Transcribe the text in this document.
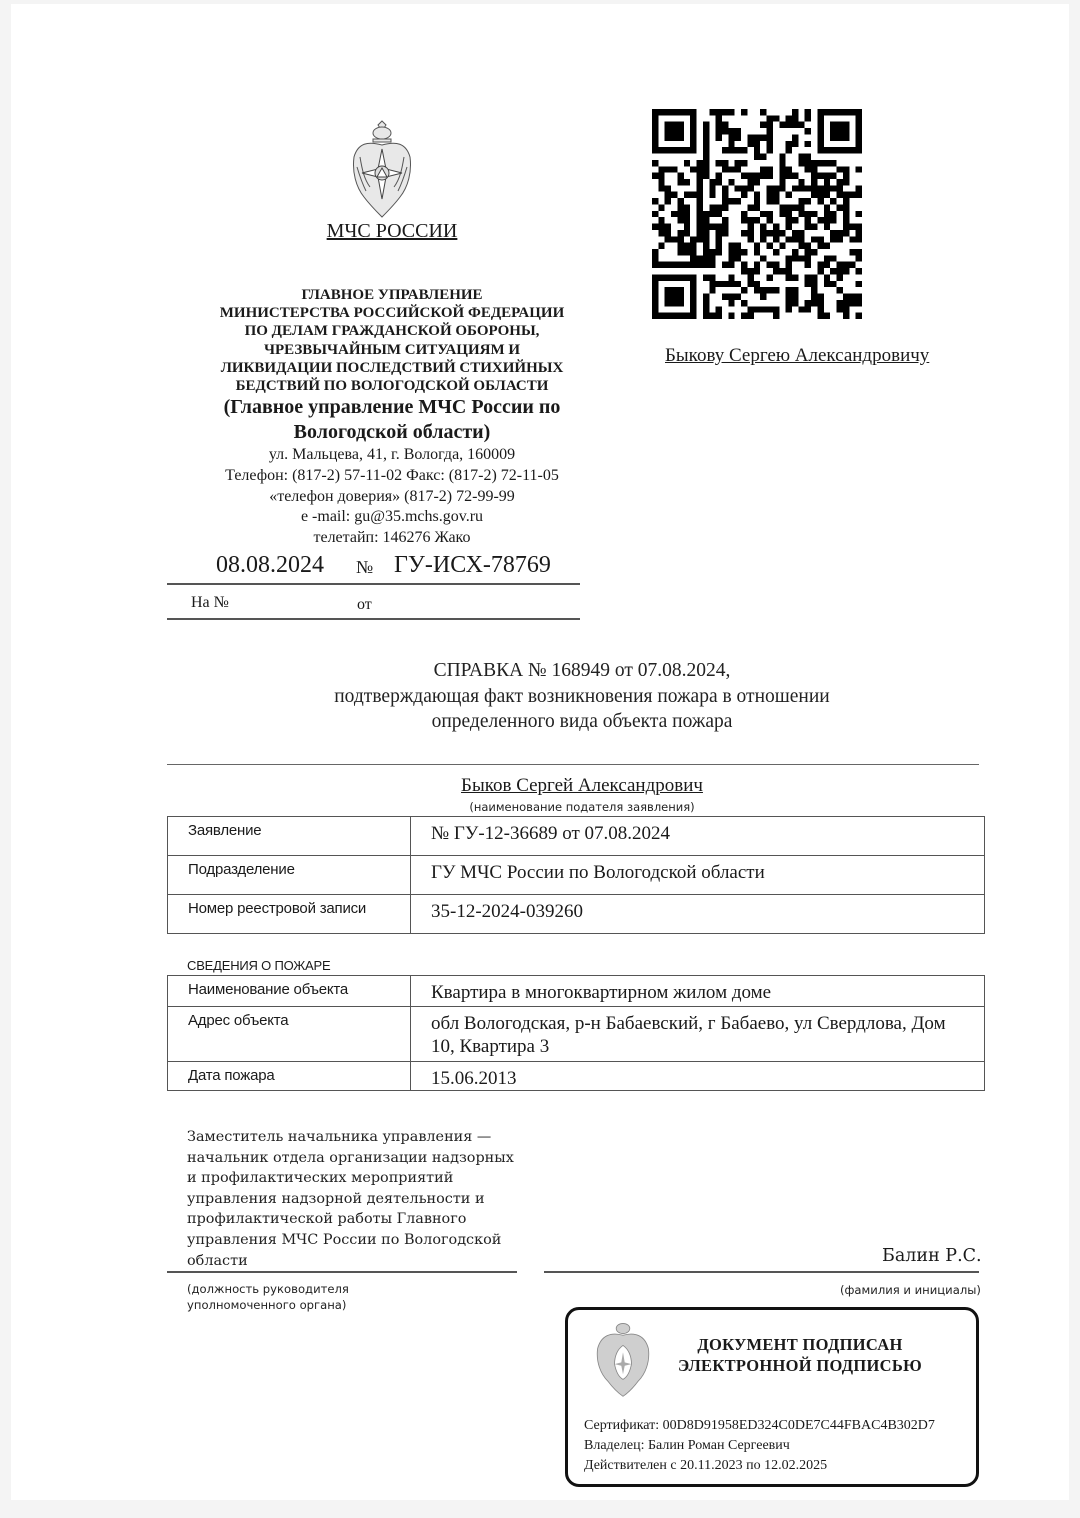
МЧС РОССИИ
ГЛАВНОЕ УПРАВЛЕНИЕ
МИНИСТЕРСТВА РОССИЙСКОЙ ФЕДЕРАЦИИ
ПО ДЕЛАМ ГРАЖДАНСКОЙ ОБОРОНЫ,
ЧРЕЗВЫЧАЙНЫМ СИТУАЦИЯМ И
ЛИКВИДАЦИИ ПОСЛЕДСТВИЙ СТИХИЙНЫХ
БЕДСТВИЙ ПО ВОЛОГОДСКОЙ ОБЛАСТИ
(Главное управление МЧС России по
Вологодской области)
ул. Мальцева, 41, г. Вологда, 160009
Телефон: (817-2) 57-11-02 Факс: (817-2) 72-11-05
«телефон доверия» (817-2) 72-99-99
e -mail: gu@35.mchs.gov.ru
телетайп: 146276 Жако
08.08.2024 № ГУ-ИСХ-78769
На №	от
Быкову Сергею Александровичу
СПРАВКА № 168949 от 07.08.2024,
подтверждающая факт возникновения пожара в отношении
определенного вида объекта пожара
Быков Сергей Александрович
(наименование подателя заявления)
Заявление	№ ГУ-12-36689 от 07.08.2024
Подразделение	ГУ МЧС России по Вологодской области
Номер реестровой записи	35-12-2024-039260
СВЕДЕНИЯ О ПОЖАРЕ
Наименование объекта	Квартира в многоквартирном жилом доме
Адрес объекта	обл Вологодская, р-н Бабаевский, г Бабаево, ул Свердлова, Дом 10, Квартира 3
Дата пожара	15.06.2013
Заместитель начальника управления —
начальник отдела организации надзорных
и профилактических мероприятий
управления надзорной деятельности и
профилактической работы Главного
управления МЧС России по Вологодской
области	Балин Р.С.
(должность руководителя
уполномоченного органа)
(фамилия и инициалы)
ДОКУМЕНТ ПОДПИСАН
ЭЛЕКТРОННОЙ ПОДПИСЬЮ
Сертификат: 00D8D91958ED324C0DE7C44FBAC4B302D7
Владелец: Балин Роман Сергеевич
Действителен с 20.11.2023 по 12.02.2025
